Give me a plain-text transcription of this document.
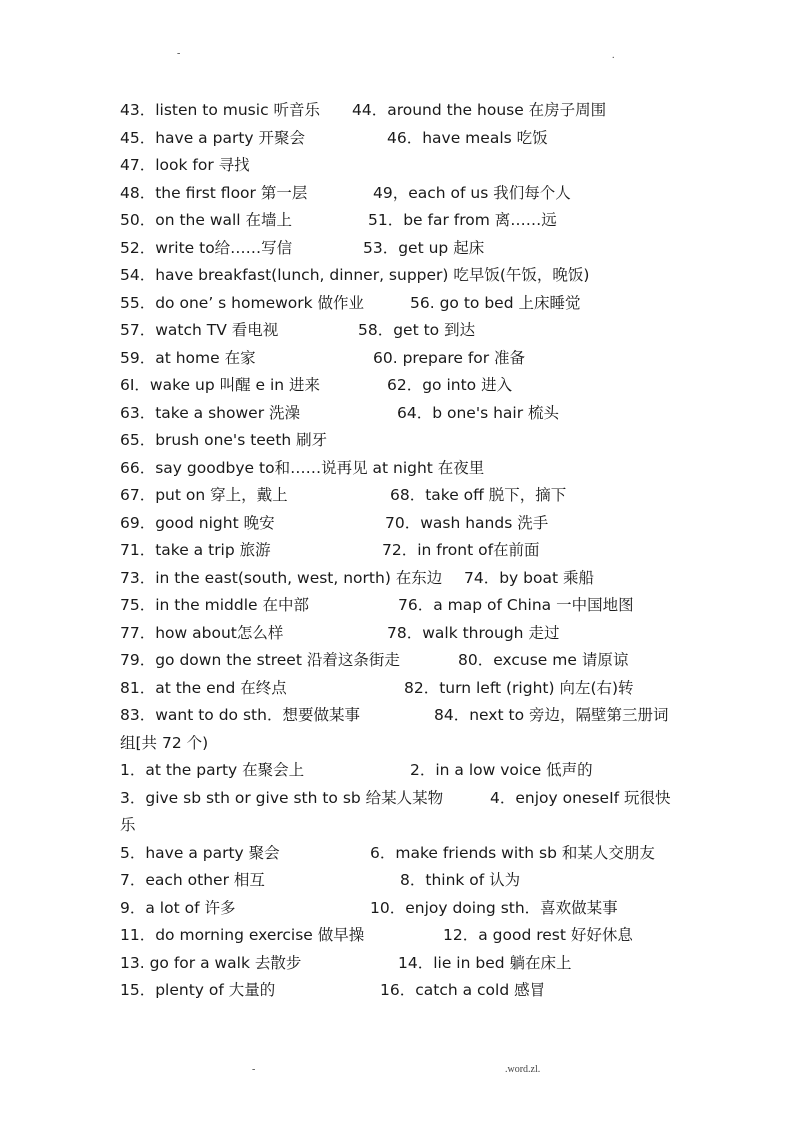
-	.
43．listen to music 听音乐 44．around the house 在房子周围
45．have a party 开聚会	46．have meals 吃饭
47．look for 寻找
48．the first floor 第一层	49，each of us 我们每个人
50．on the wall 在墙上	51．be far from 离……远
52．write to给……写信	53．get up 起床
54．have breakfast(lunch, dinner, supper) 吃早饭(午饭，晚饭)
55．do one’ s homework 做作业	56. go to bed 上床睡觉
57．watch TV 看电视	58．get to 到达
59．at home 在家	60. prepare for 准备
6I．wake up 叫醒 e in 进来	62．go into 进入
63．take a shower 洗澡	64．b one's hair 梳头
65．brush one's teeth 刷牙
66．say goodbye to和……说再见 at night 在夜里
67．put on 穿上，戴上	68．take off 脱下，摘下
69．good night 晚安	70．wash hands 洗手
71．take a trip 旅游	72．in front of在前面
73．in the east(south, west, north) 在东边 74．by boat 乘船
75．in the middle 在中部	76．a map of China 一中国地图
77．how about怎么样	78．walk through 走过
79．go down the street 沿着这条街走	80．excuse me 请原谅
81．at the end 在终点	82．turn left (right) 向左(右)转
83．want to do sth．想要做某事	84．next to 旁边，隔壁第三册词
组[共 72 个)
1．at the party 在聚会上	2．in a low voice 低声的
3．give sb sth or give sth to sb 给某人某物	4．enjoy oneseIf 玩很快
乐
5．have a party 聚会	6．make friends with sb 和某人交朋友
7．each other 相互	8．think of 认为
9．a lot of 许多	10．enjoy doing sth．喜欢做某事
11．do morning exercise 做早操	12．a good rest 好好休息
13. go for a walk 去散步	14．lie in bed 躺在床上
15．plenty of 大量的	16．catch a cold 感冒
-	.word.zl.
